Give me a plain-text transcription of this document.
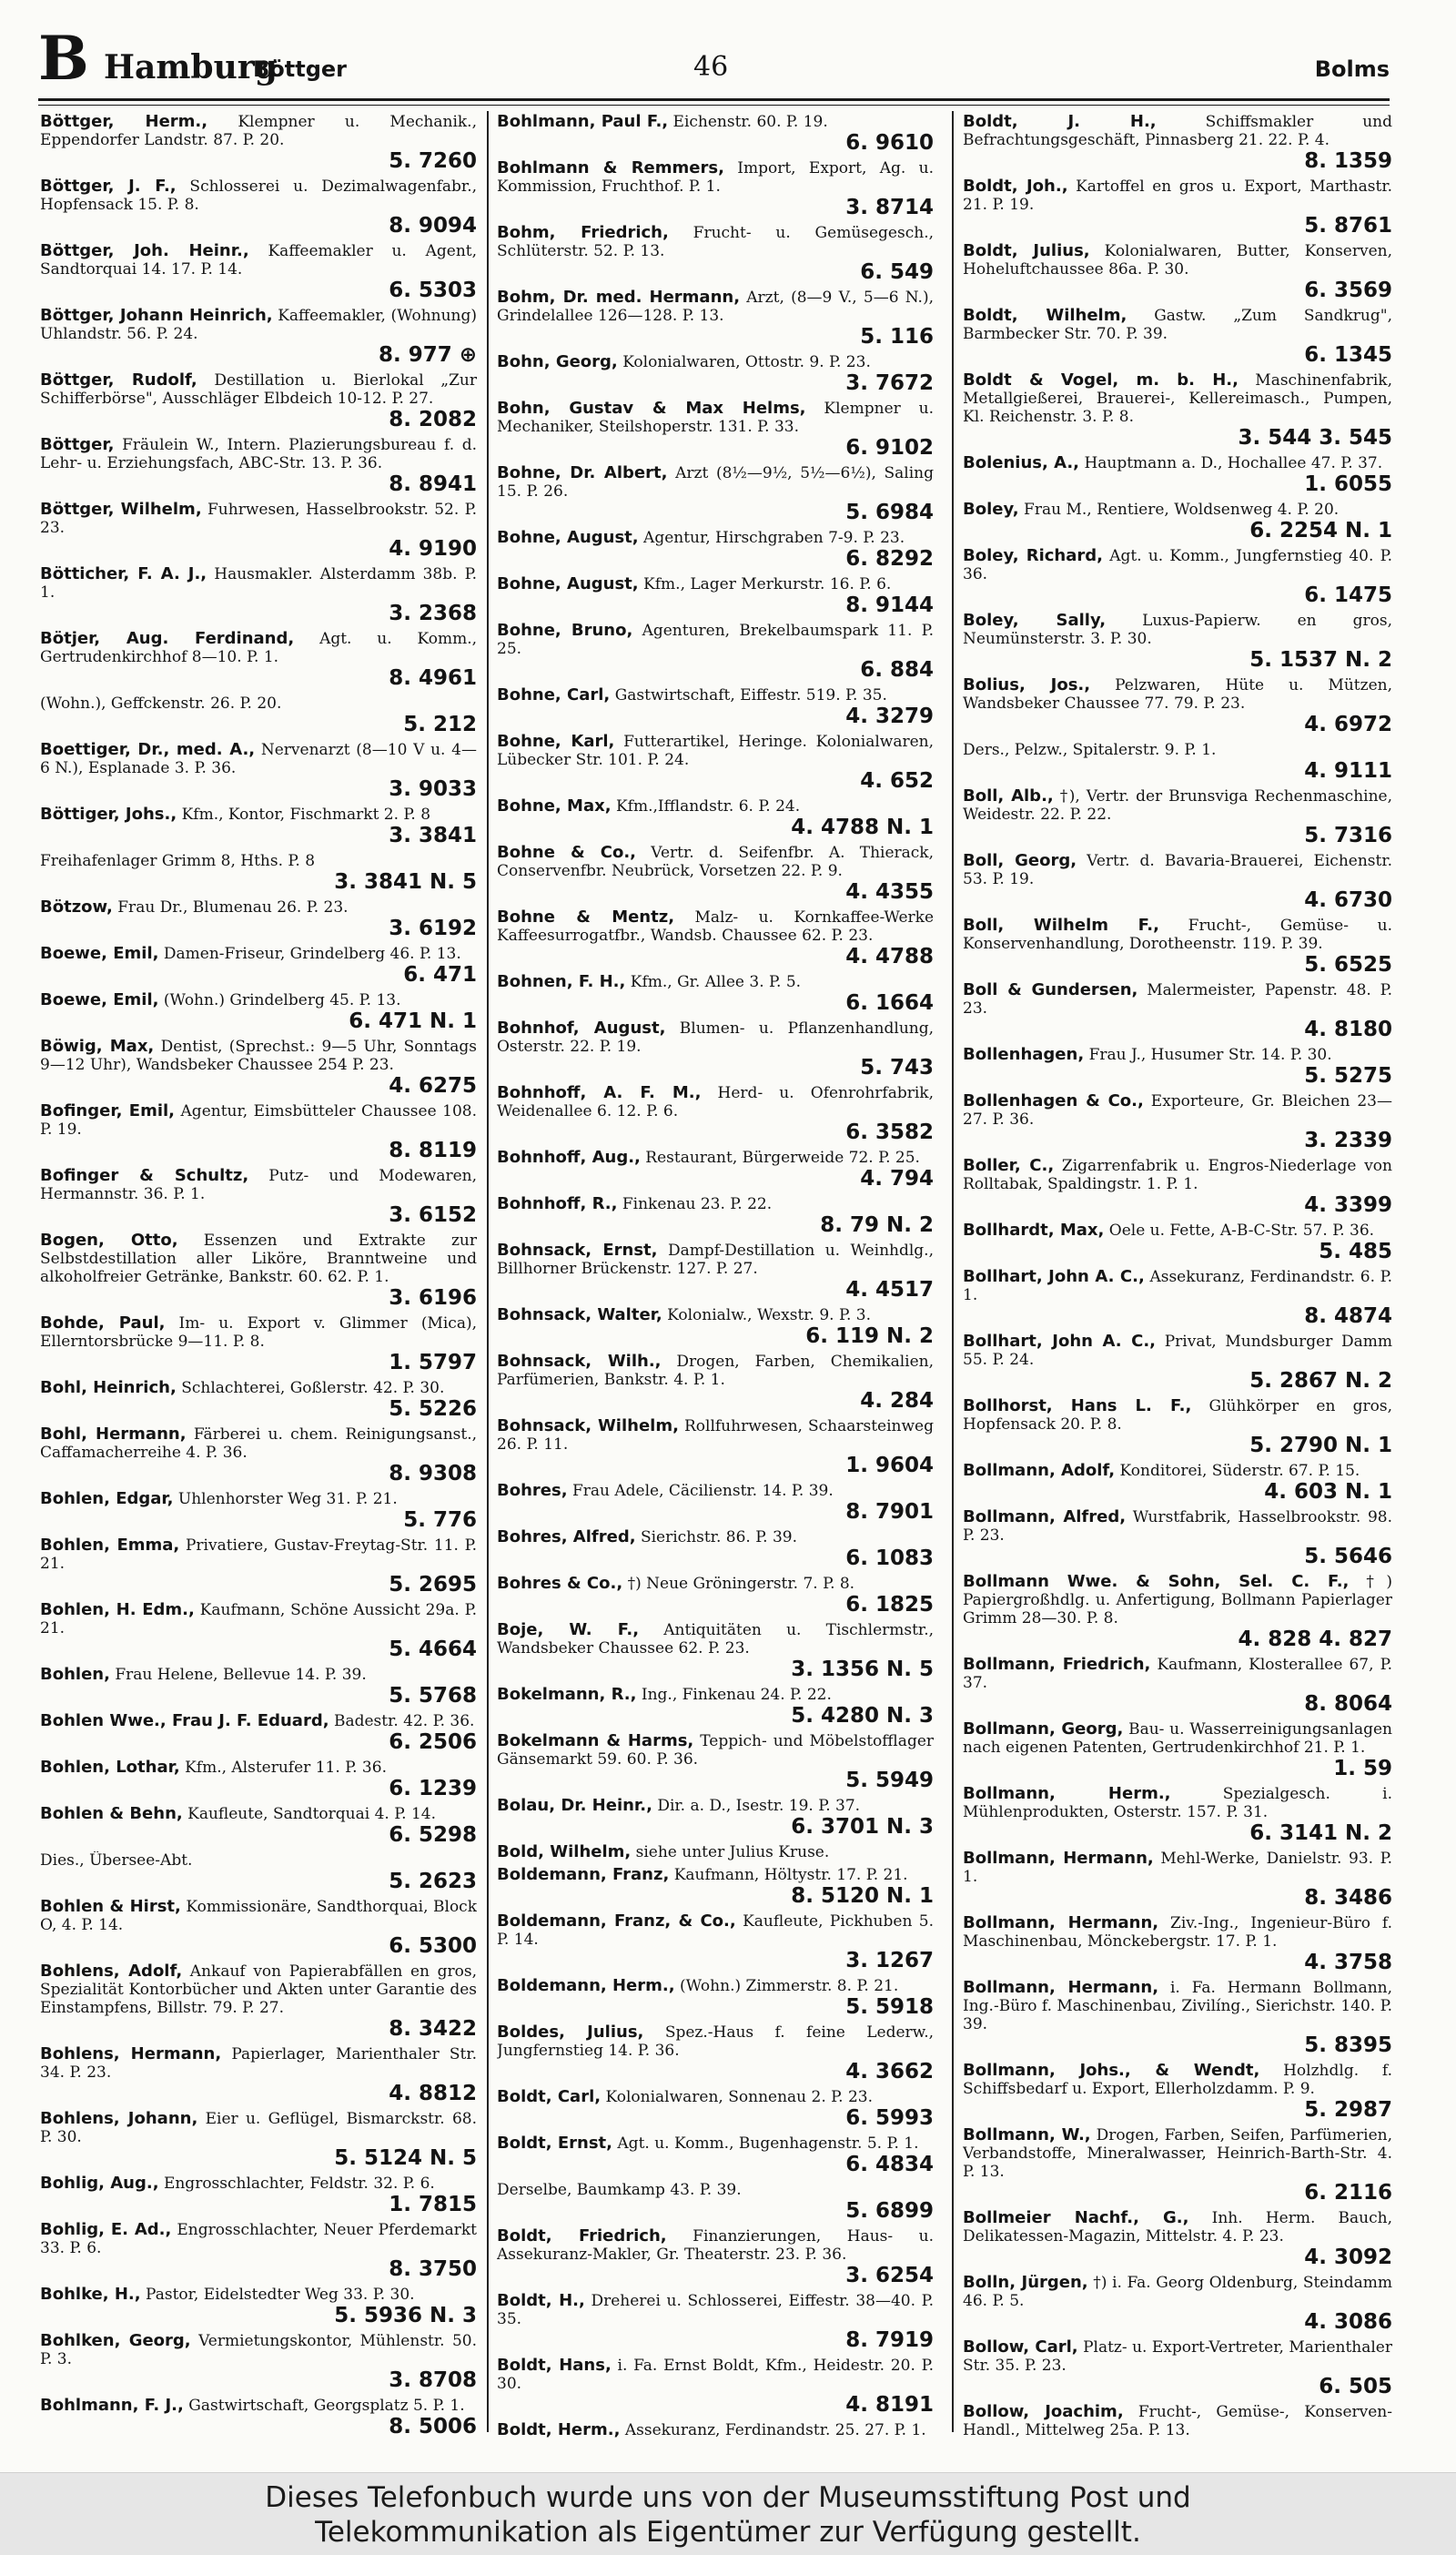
B Hamburg
Böttger	46	Bolms
Böttger, Herm., Klempner u. Mechanik., Eppendorfer Landstr. 87. P. 20.
5. 7260
Böttger, J. F., Schlosserei u. Dezimalwagenfabr., Hopfensack 15. P. 8.
8. 9094
Böttger, Joh. Heinr., Kaffeemakler u. Agent, Sandtorquai 14. 17. P. 14.
6. 5303
Böttger, Johann Heinrich, Kaffeemakler, (Wohnung) Uhlandstr. 56. P. 24.
8. 977 ⊕
Böttger, Rudolf, Destillation u. Bierlokal „Zur Schifferbörse", Ausschläger Elbdeich 10-12. P. 27.
8. 2082
Böttger, Fräulein W., Intern. Plazierungsbureau f. d. Lehr- u. Erziehungsfach, ABC-Str. 13. P. 36.
8. 8941
Böttger, Wilhelm, Fuhrwesen, Hasselbrookstr. 52. P. 23.
4. 9190
Bötticher, F. A. J., Hausmakler. Alsterdamm 38b. P. 1.
3. 2368
Bötjer, Aug. Ferdinand, Agt. u. Komm., Gertrudenkirchhof 8—10. P. 1.
8. 4961
(Wohn.), Geffckenstr. 26. P. 20.
5. 212
Boettiger, Dr., med. A., Nervenarzt (8—10 V u. 4—6 N.), Esplanade 3. P. 36.
3. 9033
Böttiger, Johs., Kfm., Kontor, Fischmarkt 2. P. 8
3. 3841
Freihafenlager Grimm 8, Hths. P. 8
3. 3841 N. 5
Bötzow, Frau Dr., Blumenau 26. P. 23.
3. 6192
Boewe, Emil, Damen-Friseur, Grindelberg 46. P. 13.
6. 471
Boewe, Emil, (Wohn.) Grindelberg 45. P. 13.
6. 471 N. 1
Böwig, Max, Dentist, (Sprechst.: 9—5 Uhr, Sonntags 9—12 Uhr), Wandsbeker Chaussee 254 P. 23.
4. 6275
Bofinger, Emil, Agentur, Eimsbütteler Chaussee 108. P. 19.
8. 8119
Bofinger & Schultz, Putz- und Modewaren, Hermannstr. 36. P. 1.
3. 6152
Bogen, Otto, Essenzen und Extrakte zur Selbstdestillation aller Liköre, Branntweine und alkoholfreier Getränke, Bankstr. 60. 62. P. 1.
3. 6196
Bohde, Paul, Im- u. Export v. Glimmer (Mica), Ellerntorsbrücke 9—11. P. 8.
1. 5797
Bohl, Heinrich, Schlachterei, Goßlerstr. 42. P. 30.
5. 5226
Bohl, Hermann, Färberei u. chem. Reinigungsanst., Caffamacherreihe 4. P. 36.
8. 9308
Bohlen, Edgar, Uhlenhorster Weg 31. P. 21.
5. 776
Bohlen, Emma, Privatiere, Gustav-Freytag-Str. 11. P. 21.
5. 2695
Bohlen, H. Edm., Kaufmann, Schöne Aussicht 29a. P. 21.
5. 4664
Bohlen, Frau Helene, Bellevue 14. P. 39.
5. 5768
Bohlen Wwe., Frau J. F. Eduard, Badestr. 42. P. 36.
6. 2506
Bohlen, Lothar, Kfm., Alsterufer 11. P. 36.
6. 1239
Bohlen & Behn, Kaufleute, Sandtorquai 4. P. 14.
6. 5298
Dies., Übersee-Abt.
5. 2623
Bohlen & Hirst, Kommissionäre, Sandthorquai, Block O, 4. P. 14.
6. 5300
Bohlens, Adolf, Ankauf von Papierabfällen en gros, Spezialität Kontorbücher und Akten unter Garantie des Einstampfens, Billstr. 79. P. 27.
8. 3422
Bohlens, Hermann, Papierlager, Marienthaler Str. 34. P. 23.
4. 8812
Bohlens, Johann, Eier u. Geflügel, Bismarckstr. 68. P. 30.
5. 5124 N. 5
Bohlig, Aug., Engrosschlachter, Feldstr. 32. P. 6.
1. 7815
Bohlig, E. Ad., Engrosschlachter, Neuer Pferdemarkt 33. P. 6.
8. 3750
Bohlke, H., Pastor, Eidelstedter Weg 33. P. 30.
5. 5936 N. 3
Bohlken, Georg, Vermietungskontor, Mühlenstr. 50. P. 3.
3. 8708
Bohlmann, F. J., Gastwirtschaft, Georgsplatz 5. P. 1.
8. 5006
Bohlmann, Paul F., Eichenstr. 60. P. 19.
6. 9610
Bohlmann & Remmers, Import, Export, Ag. u. Kommission, Fruchthof. P. 1.
3. 8714
Bohm, Friedrich, Frucht- u. Gemüsegesch., Schlüterstr. 52. P. 13.
6. 549
Bohm, Dr. med. Hermann, Arzt, (8—9 V., 5—6 N.), Grindelallee 126—128. P. 13.
5. 116
Bohn, Georg, Kolonialwaren, Ottostr. 9. P. 23.
3. 7672
Bohn, Gustav & Max Helms, Klempner u. Mechaniker, Steilshoperstr. 131. P. 33.
6. 9102
Bohne, Dr. Albert, Arzt (8½—9½, 5½—6½), Saling 15. P. 26.
5. 6984
Bohne, August, Agentur, Hirschgraben 7-9. P. 23.
6. 8292
Bohne, August, Kfm., Lager Merkurstr. 16. P. 6.
8. 9144
Bohne, Bruno, Agenturen, Brekelbaumspark 11. P. 25.
6. 884
Bohne, Carl, Gastwirtschaft, Eiffestr. 519. P. 35.
4. 3279
Bohne, Karl, Futterartikel, Heringe. Kolonialwaren, Lübecker Str. 101. P. 24.
4. 652
Bohne, Max, Kfm.,Ifflandstr. 6. P. 24.
4. 4788 N. 1
Bohne & Co., Vertr. d. Seifenfbr. A. Thierack, Conservenfbr. Neubrück, Vorsetzen 22. P. 9.
4. 4355
Bohne & Mentz, Malz- u. Kornkaffee-Werke Kaffeesurrogatfbr., Wandsb. Chaussee 62. P. 23.
4. 4788
Bohnen, F. H., Kfm., Gr. Allee 3. P. 5.
6. 1664
Bohnhof, August, Blumen- u. Pflanzenhandlung, Osterstr. 22. P. 19.
5. 743
Bohnhoff, A. F. M., Herd- u. Ofenrohrfabrik, Weidenallee 6. 12. P. 6.
6. 3582
Bohnhoff, Aug., Restaurant, Bürgerweide 72. P. 25.
4. 794
Bohnhoff, R., Finkenau 23. P. 22.
8. 79 N. 2
Bohnsack, Ernst, Dampf-Destillation u. Weinhdlg., Billhorner Brückenstr. 127. P. 27.
4. 4517
Bohnsack, Walter, Kolonialw., Wexstr. 9. P. 3.
6. 119 N. 2
Bohnsack, Wilh., Drogen, Farben, Chemikalien, Parfümerien, Bankstr. 4. P. 1.
4. 284
Bohnsack, Wilhelm, Rollfuhrwesen, Schaarsteinweg 26. P. 11.
1. 9604
Bohres, Frau Adele, Cäcilienstr. 14. P. 39.
8. 7901
Bohres, Alfred, Sierichstr. 86. P. 39.
6. 1083
Bohres & Co., †) Neue Gröningerstr. 7. P. 8.
6. 1825
Boje, W. F., Antiquitäten u. Tischlermstr., Wandsbeker Chaussee 62. P. 23.
3. 1356 N. 5
Bokelmann, R., Ing., Finkenau 24. P. 22.
5. 4280 N. 3
Bokelmann & Harms, Teppich- und Möbelstofflager Gänsemarkt 59. 60. P. 36.
5. 5949
Bolau, Dr. Heinr., Dir. a. D., Isestr. 19. P. 37.
6. 3701 N. 3
Bold, Wilhelm, siehe unter Julius Kruse.
Boldemann, Franz, Kaufmann, Höltystr. 17. P. 21.
8. 5120 N. 1
Boldemann, Franz, & Co., Kaufleute, Pickhuben 5. P. 14.
3. 1267
Boldemann, Herm., (Wohn.) Zimmerstr. 8. P. 21.
5. 5918
Boldes, Julius, Spez.-Haus f. feine Lederw., Jungfernstieg 14. P. 36.
4. 3662
Boldt, Carl, Kolonialwaren, Sonnenau 2. P. 23.
6. 5993
Boldt, Ernst, Agt. u. Komm., Bugenhagenstr. 5. P. 1.
6. 4834
Derselbe, Baumkamp 43. P. 39.
5. 6899
Boldt, Friedrich, Finanzierungen, Haus- u. Assekuranz-Makler, Gr. Theaterstr. 23. P. 36.
3. 6254
Boldt, H., Dreherei u. Schlosserei, Eiffestr. 38—40. P. 35.
8. 7919
Boldt, Hans, i. Fa. Ernst Boldt, Kfm., Heidestr. 20. P. 30.
4. 8191
Boldt, Herm., Assekuranz, Ferdinandstr. 25. 27. P. 1.
Boldt, J. H.,	Schiffsmakler und Befrachtungsgeschäft, Pinnasberg 21. 22. P. 4.
8. 1359
Boldt, Joh., Kartoffel en gros u. Export, Marthastr. 21. P. 19.
5. 8761
Boldt, Julius, Kolonialwaren, Butter, Konserven, Hoheluftchaussee 86a. P. 30.
6. 3569
Boldt, Wilhelm, Gastw. „Zum Sandkrug", Barmbecker Str. 70. P. 39.
6. 1345
Boldt & Vogel, m. b. H., Maschinenfabrik, Metallgießerei, Brauerei-, Kellereimasch., Pumpen, Kl. Reichenstr. 3. P. 8.
3. 544 3. 545
Bolenius, A., Hauptmann a. D., Hochallee 47. P. 37.
1. 6055
Boley, Frau M., Rentiere, Woldsenweg 4. P. 20.
6. 2254 N. 1
Boley, Richard, Agt. u. Komm., Jungfernstieg 40. P. 36.
6. 1475
Boley, Sally, Luxus-Papierw. en gros, Neumünsterstr. 3. P. 30.
5. 1537 N. 2
Bolius, Jos., Pelzwaren, Hüte u. Mützen, Wandsbeker Chaussee 77. 79. P. 23.
4. 6972
Ders., Pelzw., Spitalerstr. 9. P. 1.
4. 9111
Boll, Alb., †), Vertr. der Brunsviga Rechenmaschine, Weidestr. 22. P. 22.
5. 7316
Boll, Georg, Vertr. d. Bavaria-Brauerei, Eichenstr. 53. P. 19.
4. 6730
Boll, Wilhelm F., Frucht-, Gemüse- u. Konservenhandlung, Dorotheenstr. 119. P. 39.
5. 6525
Boll & Gundersen, Malermeister, Papenstr. 48. P. 23.
4. 8180
Bollenhagen, Frau J., Husumer Str. 14. P. 30.
5. 5275
Bollenhagen & Co., Exporteure, Gr. Bleichen 23—27. P. 36.
3. 2339
Boller, C., Zigarrenfabrik u. Engros-Niederlage von Rolltabak, Spaldingstr. 1. P. 1.
4. 3399
Bollhardt, Max, Oele u. Fette, A-B-C-Str. 57. P. 36.
5. 485
Bollhart, John A. C., Assekuranz, Ferdinandstr. 6. P. 1.
8. 4874
Bollhart, John A. C., Privat, Mundsburger Damm 55. P. 24.
5. 2867 N. 2
Bollhorst, Hans L. F., Glühkörper en gros, Hopfensack 20. P. 8.
5. 2790 N. 1
Bollmann, Adolf, Konditorei, Süderstr. 67. P. 15.
4. 603 N. 1
Bollmann, Alfred, Wurstfabrik, Hasselbrookstr. 98. P. 23.
5. 5646
Bollmann Wwe. & Sohn, Sel. C. F., †) Papiergroßhdlg. u. Anfertigung, Bollmann Papierlager Grimm 28—30. P. 8.
4. 828 4. 827
Bollmann, Friedrich, Kaufmann, Klosterallee 67, P. 37.
8. 8064
Bollmann, Georg, Bau- u. Wasserreinigungsanlagen nach eigenen Patenten, Gertrudenkirchhof 21. P. 1.
1. 59
Bollmann, Herm.,	Spezialgesch. i. Mühlenprodukten, Osterstr. 157. P. 31.
6. 3141 N. 2
Bollmann, Hermann, Mehl-Werke, Danielstr. 93. P. 1.
8. 3486
Bollmann, Hermann, Ziv.-Ing., Ingenieur-Büro f. Maschinenbau, Mönckebergstr. 17. P. 1.
4. 3758
Bollmann, Hermann, i. Fa. Hermann Bollmann, Ing.-Büro f. Maschinenbau, Zivilíng., Sierichstr. 140. P. 39.
5. 8395
Bollmann, Johs., & Wendt, Holzhdlg. f. Schiffsbedarf u. Export, Ellerholzdamm. P. 9.
5. 2987
Bollmann, W., Drogen, Farben, Seifen, Parfümerien, Verbandstoffe, Mineralwasser, Heinrich-Barth-Str. 4. P. 13.
6. 2116
Bollmeier Nachf., G., Inh. Herm. Bauch, Delikatessen-Magazin, Mittelstr. 4. P. 23.
4. 3092
Bolln, Jürgen, †) i. Fa. Georg Oldenburg, Steindamm 46. P. 5.
4. 3086
Bollow, Carl, Platz- u. Export-Vertreter, Marienthaler Str. 35. P. 23.
6. 505
Bollow, Joachim, Frucht-, Gemüse-, Konserven-Handl., Mittelweg 25a. P. 13.
Dieses Telefonbuch wurde uns von der Museumsstiftung Post und
Telekommunikation als Eigentümer zur Verfügung gestellt.
